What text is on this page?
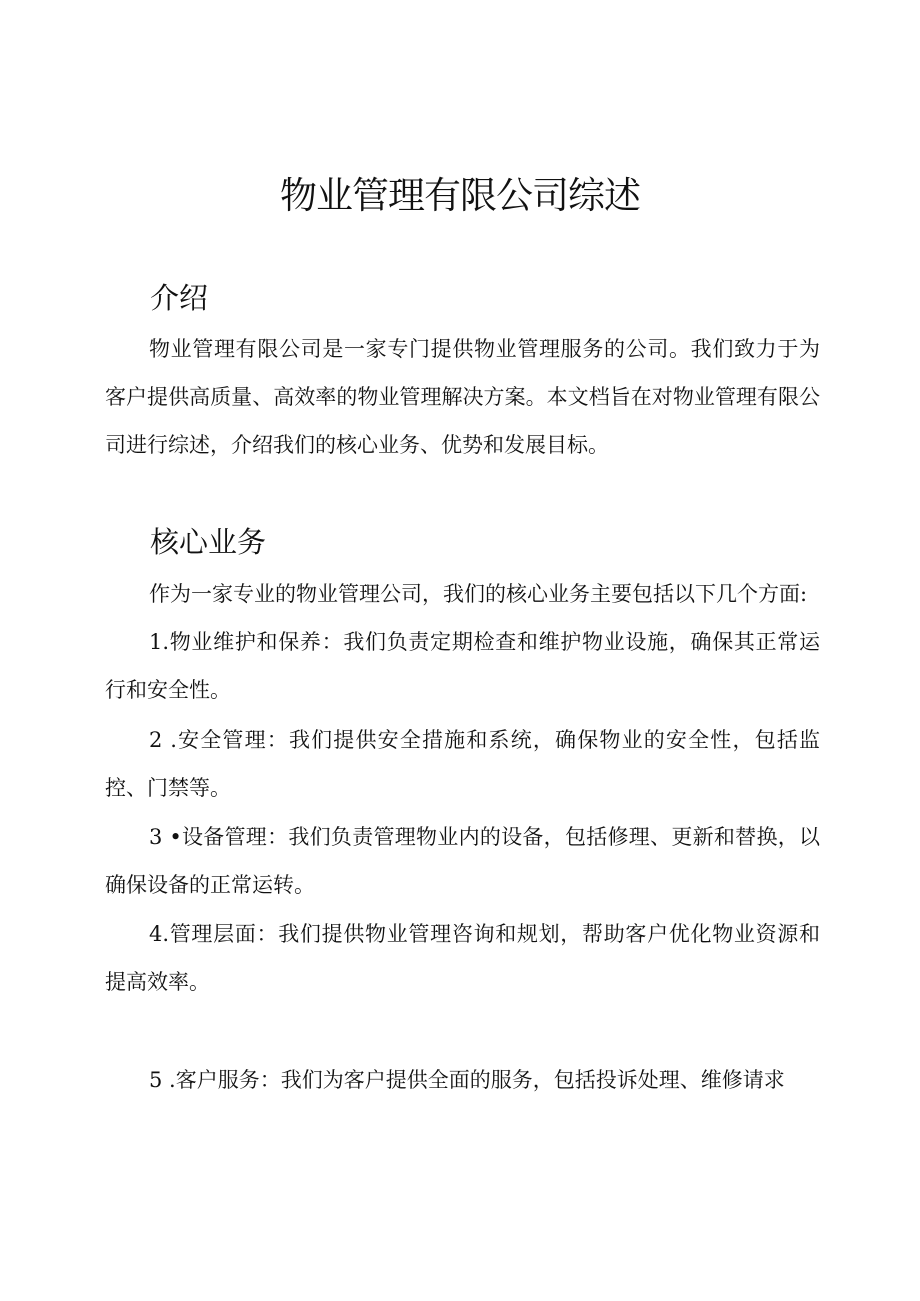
物业管理有限公司综述
介绍

物业管理有限公司是一家专门提供物业管理服务的公司。我们致力于为客户提供高质量、高效率的物业管理解决方案。本文档旨在对物业管理有限公司进行综述，介绍我们的核心业务、优势和发展目标。

核心业务

作为一家专业的物业管理公司，我们的核心业务主要包括以下几个方面:

1.物业维护和保养：我们负责定期检查和维护物业设施，确保其正常运行和安全性。

2 .安全管理：我们提供安全措施和系统，确保物业的安全性，包括监控、门禁等。

3 •设备管理：我们负责管理物业内的设备，包括修理、更新和替换，以确保设备的正常运转。

4.管理层面：我们提供物业管理咨询和规划，帮助客户优化物业资源和提高效率。

5 .客户服务：我们为客户提供全面的服务，包括投诉处理、维修请求
